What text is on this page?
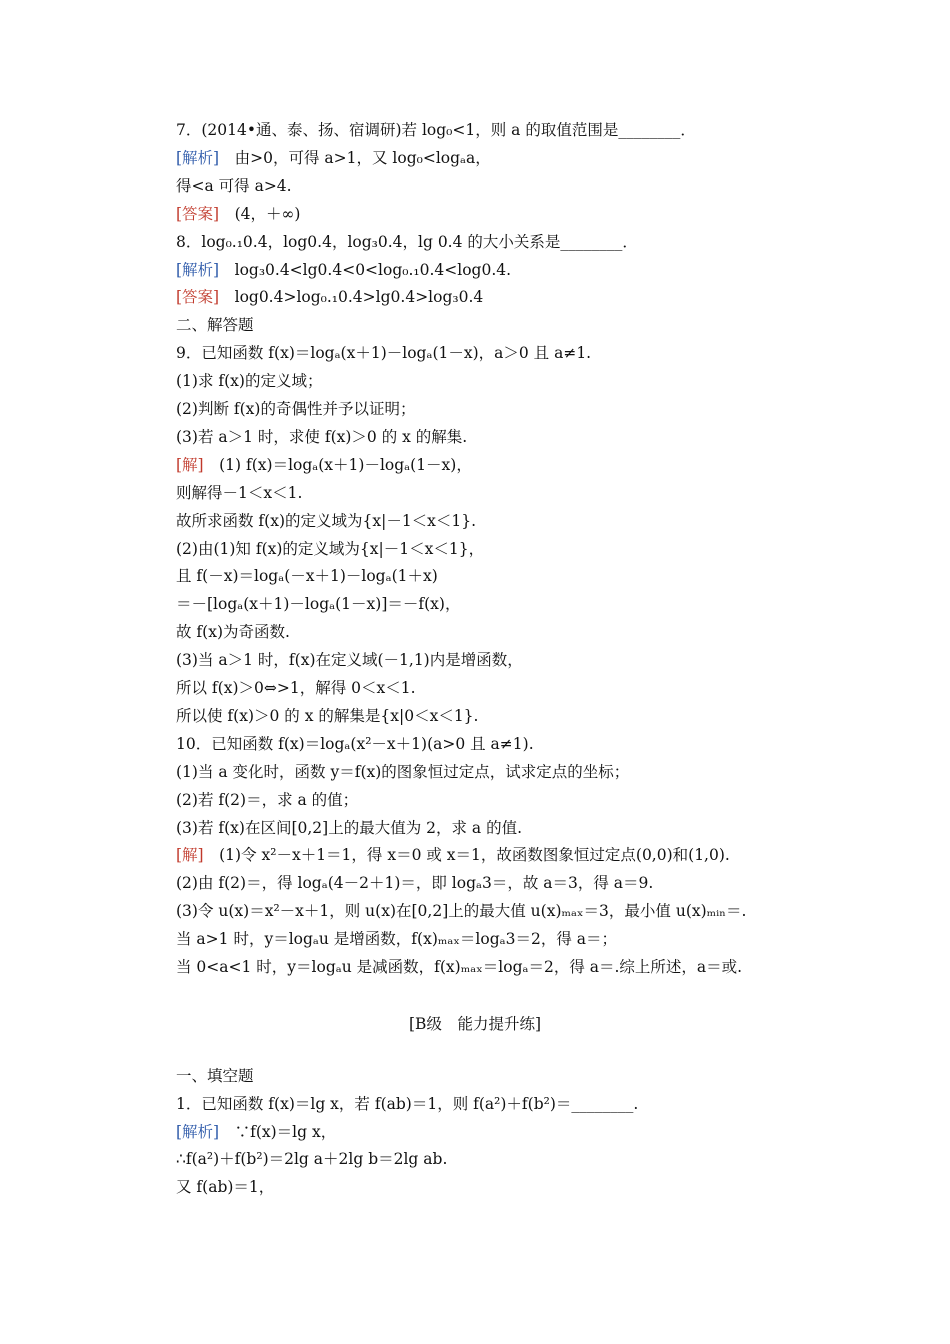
7．(2014•通、泰、扬、宿调研)若 log₀<1，则 a 的取值范围是________．
[解析]　由>0，可得 a>1，又 log₀<logₐa，
得<a 可得 a>4.
[答案]　(4，＋∞)
8．log₀.₁0.4，log0.4，log₃0.4，lg 0.4 的大小关系是________．
[解析]　log₃0.4<lg0.4<0<log₀.₁0.4<log0.4.
[答案]　log0.4>log₀.₁0.4>lg0.4>log₃0.4
二、解答题
9．已知函数 f(x)＝logₐ(x＋1)－logₐ(1－x)，a＞0 且 a≠1.
(1)求 f(x)的定义域；
(2)判断 f(x)的奇偶性并予以证明；
(3)若 a＞1 时，求使 f(x)＞0 的 x 的解集.
[解]　(1) f(x)＝logₐ(x＋1)－logₐ(1－x)，
则解得－1＜x＜1.
故所求函数 f(x)的定义域为{x|－1＜x＜1}.
(2)由(1)知 f(x)的定义域为{x|－1＜x＜1}，
且 f(－x)＝logₐ(－x＋1)－logₐ(1＋x)
＝－[logₐ(x＋1)－logₐ(1－x)]＝－f(x)，
故 f(x)为奇函数.
(3)当 a＞1 时，f(x)在定义域(－1,1)内是增函数，
所以 f(x)＞0⇔>1，解得 0＜x＜1.
所以使 f(x)＞0 的 x 的解集是{x|0＜x＜1}.
10．已知函数 f(x)＝logₐ(x²－x＋1)(a>0 且 a≠1).
(1)当 a 变化时，函数 y＝f(x)的图象恒过定点，试求定点的坐标；
(2)若 f(2)＝，求 a 的值；
(3)若 f(x)在区间[0,2]上的最大值为 2，求 a 的值.
[解]　(1)令 x²－x＋1＝1，得 x＝0 或 x＝1，故函数图象恒过定点(0,0)和(1,0).
(2)由 f(2)＝，得 logₐ(4－2＋1)＝，即 logₐ3＝，故 a＝3，得 a＝9.
(3)令 u(x)＝x²－x＋1，则 u(x)在[0,2]上的最大值 u(x)ₘₐₓ＝3，最小值 u(x)ₘᵢₙ＝.
当 a>1 时，y＝logₐu 是增函数，f(x)ₘₐₓ＝logₐ3＝2，得 a＝；
当 0<a<1 时，y＝logₐu 是减函数，f(x)ₘₐₓ＝logₐ＝2，得 a＝.综上所述，a＝或.
[B级　能力提升练]
一、填空题
1．已知函数 f(x)＝lg x，若 f(ab)＝1，则 f(a²)＋f(b²)＝________.
[解析]　∵f(x)＝lg x，
∴f(a²)＋f(b²)＝2lg a＋2lg b＝2lg ab.
又 f(ab)＝1，
